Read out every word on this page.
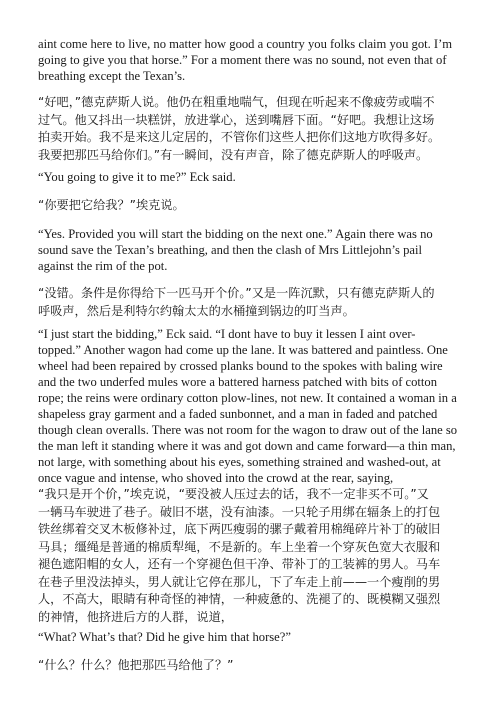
aint come here to live, no matter how good a country you folks claim you got. I’m
going to give you that horse.” For a moment there was no sound, not even that of
breathing except the Texan’s.

“好吧，”德克萨斯人说。他仍在粗重地喘气，但现在听起来不像疲劳或喘不
过气。他又抖出一块糕饼，放进掌心，送到嘴唇下面。“好吧。我想让这场
拍卖开始。我不是来这儿定居的，不管你们这些人把你们这地方吹得多好。
我要把那匹马给你们。”有一瞬间，没有声音，除了德克萨斯人的呼吸声。

“You going to give it to me?” Eck said.

“你要把它给我？”埃克说。

“Yes. Provided you will start the bidding on the next one.” Again there was no
sound save the Texan’s breathing, and then the clash of Mrs Littlejohn’s pail
against the rim of the pot.

“没错。条件是你得给下一匹马开个价。”又是一阵沉默，只有德克萨斯人的
呼吸声，然后是利特尔约翰太太的水桶撞到锅边的叮当声。

“I just start the bidding,” Eck said. “I dont have to buy it lessen I aint over-
topped.” Another wagon had come up the lane. It was battered and paintless. One
wheel had been repaired by crossed planks bound to the spokes with baling wire
and the two underfed mules wore a battered harness patched with bits of cotton
rope; the reins were ordinary cotton plow-lines, not new. It contained a woman in a
shapeless gray garment and a faded sunbonnet, and a man in faded and patched
though clean overalls. There was not room for the wagon to draw out of the lane so
the man left it standing where it was and got down and came forward—a thin man,
not large, with something about his eyes, something strained and washed-out, at
once vague and intense, who shoved into the crowd at the rear, saying,

“我只是开个价，”埃克说，“要没被人压过去的话，我不一定非买不可。”又
一辆马车驶进了巷子。破旧不堪，没有油漆。一只轮子用绑在辐条上的打包
铁丝绑着交叉木板修补过，底下两匹瘦弱的骡子戴着用棉绳碎片补丁的破旧
马具；缰绳是普通的棉质犁绳，不是新的。车上坐着一个穿灰色宽大衣服和
褪色遮阳帽的女人，还有一个穿褪色但干净、带补丁的工装裤的男人。马车
在巷子里没法掉头，男人就让它停在那儿，下了车走上前——一个瘦削的男
人，不高大，眼睛有种奇怪的神情，一种疲惫的、洗褪了的、既模糊又强烈
的神情，他挤进后方的人群，说道，

“What? What’s that? Did he give him that horse?”

“什么？什么？他把那匹马给他了？”
